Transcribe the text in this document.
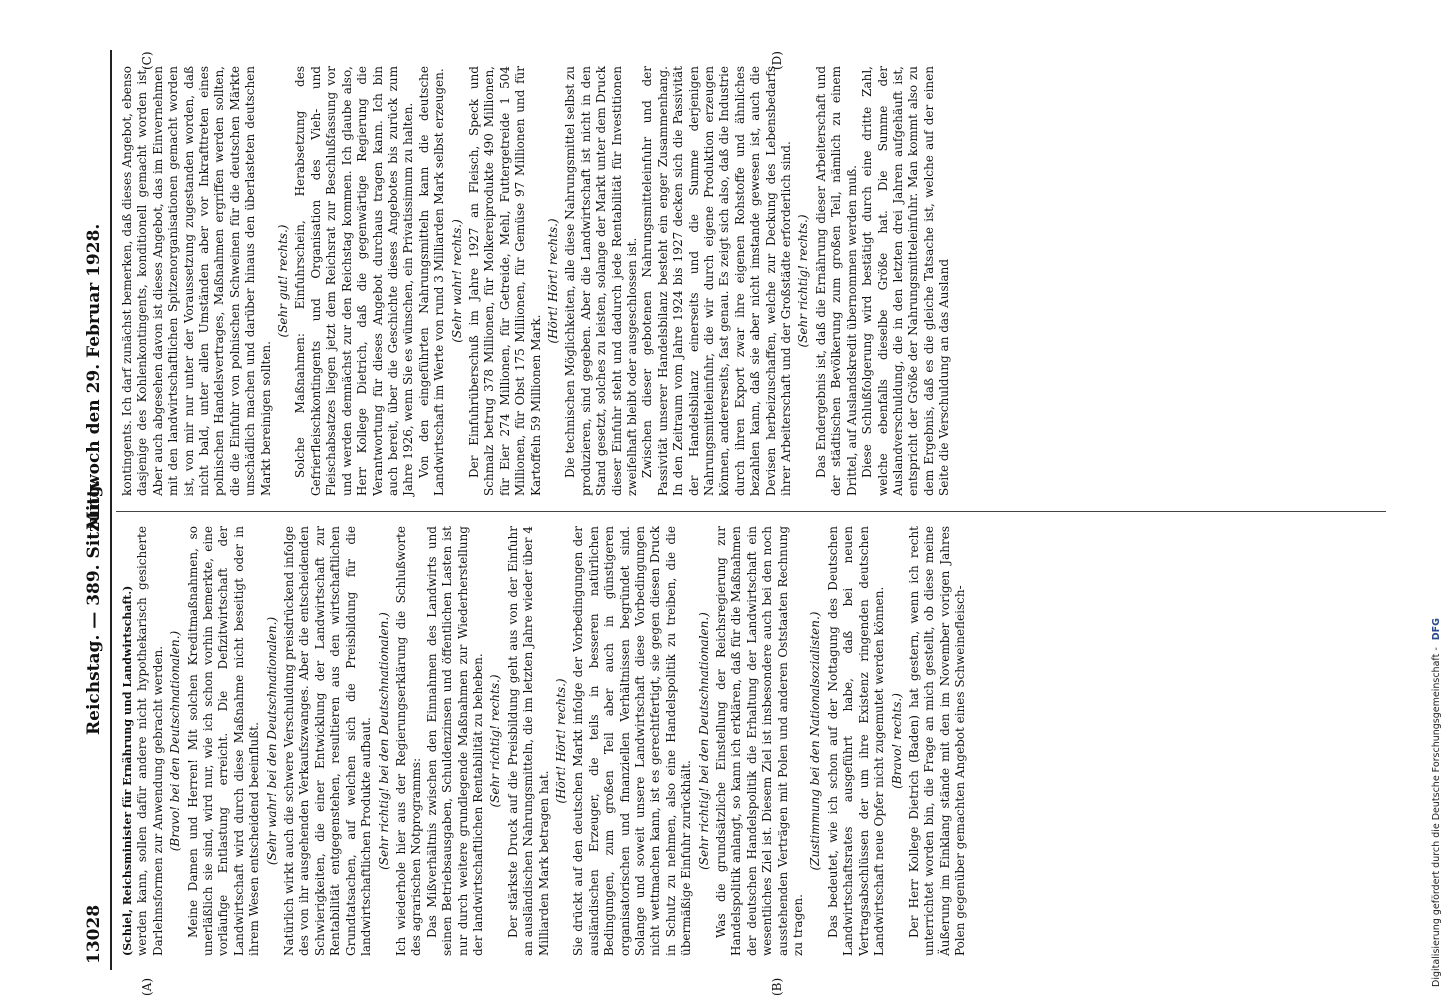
13028
Reichstag. — 389. Sitzung.
Mittwoch den 29. Februar 1928.
(A)	(B)
(C)	(D)

(Schiel, Reichsminister für Ernährung und Landwirtschaft.) werden kann, sollen dafür andere nicht hypothekarisch gesicherte Darlehnsformen zur Anwendung gebracht werden. (Bravo! bei den Deutschnationalen.) Meine Damen und Herren! Mit solchen Kreditmaßnahmen, so unerläßlich sie sind, wird nur, wie ich schon vorhin bemerkte, eine vorläufige Entlastung erreicht. Die Defizitwirtschaft der Landwirtschaft wird durch diese Maßnahme nicht beseitigt oder in ihrem Wesen entscheidend beeinflußt. (Sehr wahr! bei den Deutschnationalen.) Natürlich wirkt auch die schwere Verschuldung preisdrückend infolge des von ihr ausgehenden Verkaufszwanges. Aber die entscheidenden Schwierigkeiten, die einer Entwicklung der Landwirtschaft zur Rentabilität entgegenstehen, resultieren aus den wirtschaftlichen Grundtatsachen, auf welchen sich die Preisbildung für die landwirtschaftlichen Produkte aufbaut. (Sehr richtig! bei den Deutschnationalen.) Ich wiederhole hier aus der Regierungserklärung die Schlußworte des agrarischen Notprogramms: Das Mißverhältnis zwischen den Einnahmen des Landwirts und seinen Betriebsausgaben, Schuldenzinsen und öffentlichen Lasten ist nur durch weitere grundlegende Maßnahmen zur Wiederherstellung der landwirtschaftlichen Rentabilität zu beheben. (Sehr richtig! rechts.) Der stärkste Druck auf die Preisbildung geht aus von der Einfuhr an ausländischen Nahrungsmitteln, die im letzten Jahre wieder über 4 Milliarden Mark betragen hat.

(Hört! Hört! rechts.) Sie drückt auf den deutschen Markt infolge der Vorbedingungen der ausländischen Erzeuger, die teils in besseren natürlichen Bedingungen, zum großen Teil aber auch in günstigeren organisatorischen und finanziellen Verhältnissen begründet sind. Solange und soweit unsere Landwirtschaft diese Vorbedingungen nicht wettmachen kann, ist es gerechtfertigt, sie gegen diesen Druck in Schutz zu nehmen, also eine Handelspolitik zu treiben, die die übermäßige Einfuhr zurückhält. (Sehr richtig! bei den Deutschnationalen.) Was die grundsätzliche Einstellung der Reichsregierung zur Handelspolitik anlangt, so kann ich erklären, daß für die Maßnahmen der deutschen Handelspolitik die Erhaltung der Landwirtschaft ein wesentliches Ziel ist. Diesem Ziel ist insbesondere auch bei den noch ausstehenden Verträgen mit Polen und anderen Oststaaten Rechnung zu tragen.

(Zustimmung bei den Nationalsozialisten.) Das bedeutet, wie ich schon auf der Nottagung des Deutschen Landwirtschaftsrates ausgeführt habe, daß bei neuen Vertragsabschlüssen der um ihre Existenz ringenden deutschen Landwirtschaft neue Opfer nicht zugemutet werden können. (Bravo! rechts.) Der Herr Kollege Dietrich (Baden) hat gestern, wenn ich recht unterrichtet worden bin, die Frage an mich gestellt, ob diese meine Äußerung im Einklang stände mit den im November vorigen Jahres Polen gegenüber gemachten Angebot eines Schweinefleisch-

kontingents. Ich darf zunächst bemerken, daß dieses Angebot, ebenso dasjenige des Kohlenkontingents, konditionell gemacht worden ist. Aber auch abgesehen davon ist dieses Angebot, das im Einvernehmen mit den landwirtschaftlichen Spitzenorganisationen gemacht worden ist, von mir nur unter der Voraussetzung zugestanden worden, daß nicht bald, unter allen Umständen aber vor Inkrafttreten eines polnischen Handelsvertrages, Maßnahmen ergriffen werden sollten, die die Einfuhr von polnischen Schweinen für die deutschen Märkte unschädlich machen und darüber hinaus den überlasteten deutschen Markt bereinigen sollten.

(Sehr gut! rechts.) Solche Maßnahmen: Einfuhrschein, Herabsetzung des Gefrierfleischkontingents und Organisation des Vieh- und Fleischabsatzes liegen jetzt dem Reichsrat zur Beschlußfassung vor und werden demnächst zur den Reichstag kommen. Ich glaube also, Herr Kollege Dietrich, daß die gegenwärtige Regierung die Verantwortung für dieses Angebot durchaus tragen kann. Ich bin auch bereit, über die Geschichte dieses Angebotes bis zurück zum Jahre 1926, wenn Sie es wünschen, ein Privatissimum zu halten. Von den eingeführten Nahrungsmitteln kann die deutsche Landwirtschaft im Werte von rund 3 Milliarden Mark selbst erzeugen. (Sehr wahr! rechts.) Der Einfuhrüberschuß im Jahre 1927 an Fleisch, Speck und Schmalz betrug 378 Millionen, für Molkereiprodukte 490 Millionen, für Eier 274 Millionen, für Getreide, Mehl, Futtergetreide 1 504 Millionen, für Obst 175 Millionen, für Gemüse 97 Millionen und für Kartoffeln 59 Millionen Mark.

(Hört! Hört! rechts.) Die technischen Möglichkeiten, alle diese Nahrungsmittel selbst zu produzieren, sind gegeben. Aber die Landwirtschaft ist nicht in den Stand gesetzt, solches zu leisten, solange der Markt unter dem Druck dieser Einfuhr steht und dadurch jede Rentabilität für Investitionen zweifelhaft bleibt oder ausgeschlossen ist. Zwischen dieser gebotenen Nahrungsmitteleinfuhr und der Passivität unserer Handelsbilanz besteht ein enger Zusammenhang. In den Zeitraum vom Jahre 1924 bis 1927 decken sich die Passivität der Handelsbilanz einerseits und die Summe derjenigen Nahrungsmitteleinfuhr, die wir durch eigene Produktion erzeugen können, andererseits, fast genau. Es zeigt sich also, daß die Industrie durch ihren Export zwar ihre eigenen Rohstoffe und ähnliches bezahlen kann, daß sie aber nicht imstande gewesen ist, auch die Devisen herbeizuschaffen, welche zur Deckung des Lebensbedarfs ihrer Arbeiterschaft und der Großstädte erforderlich sind. (Sehr richtig! rechts.) Das Endergebnis ist, daß die Ernährung dieser Arbeiterschaft und der städtischen Bevölkerung zum großen Teil, nämlich zu einem Drittel, auf Auslandskredit übernommen werden muß. Diese Schlußfolgerung wird bestätigt durch eine dritte Zahl, welche ebenfalls dieselbe Größe hat. Die Summe der Auslandverschuldung, die in den letzten drei Jahren aufgehäuft ist, entspricht der Größe der Nahrungsmitteleinfuhr. Man kommt also zu dem Ergebnis, daß es die gleiche Tatsache ist, welche auf der einen Seite die Verschuldung an das Ausland

Digitalisierung gefördert durch die Deutsche Forschungsgemeinschaft - DFG
